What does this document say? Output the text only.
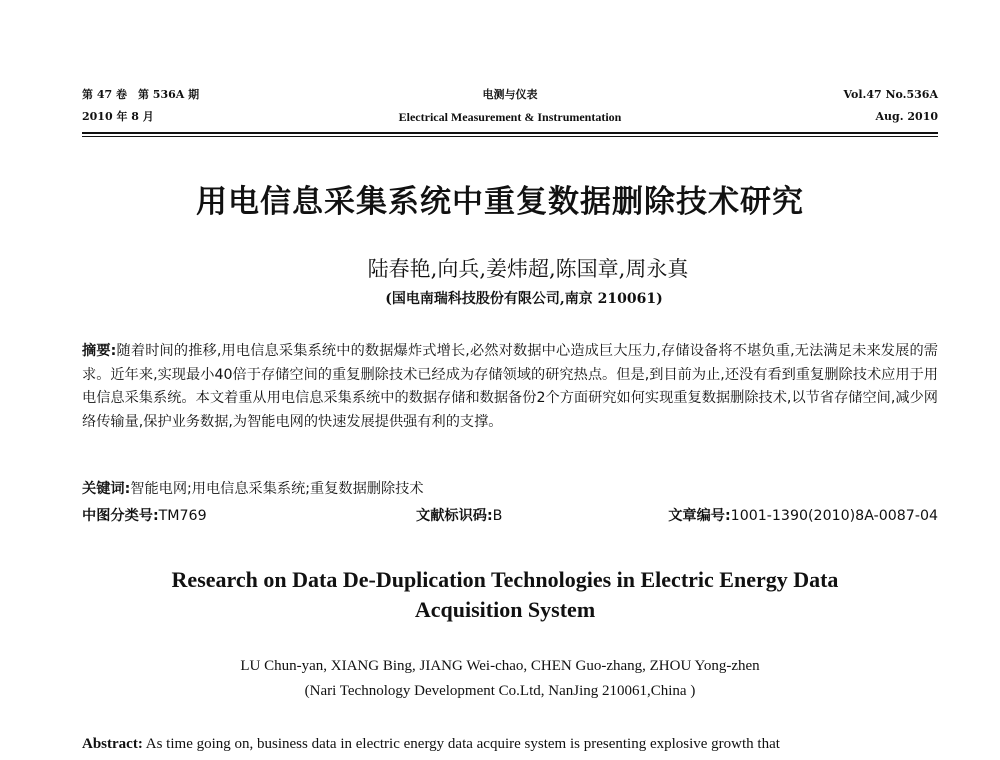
第 47 卷　第 536A 期	电测与仪表	Vol.47 No.536A
2010 年 8 月	Electrical Measurement & Instrumentation	Aug. 2010
用电信息采集系统中重复数据删除技术研究
陆春艳,向兵,姜炜超,陈国章,周永真
(国电南瑞科技股份有限公司,南京 210061)
摘要:随着时间的推移,用电信息采集系统中的数据爆炸式增长,必然对数据中心造成巨大压力,存储设备将不堪负重,无法满足未来发展的需求。近年来,实现最小40倍于存储空间的重复删除技术已经成为存储领域的研究热点。但是,到目前为止,还没有看到重复删除技术应用于用电信息采集系统。本文着重从用电信息采集系统中的数据存储和数据备份2个方面研究如何实现重复数据删除技术,以节省存储空间,减少网络传输量,保护业务数据,为智能电网的快速发展提供强有利的支撑。
关键词:智能电网;用电信息采集系统;重复数据删除技术
中图分类号:TM769	文献标识码:B	文章编号:1001-1390(2010)8A-0087-04
Research on Data De-Duplication Technologies in Electric Energy Data Acquisition System
LU Chun-yan, XIANG Bing, JIANG Wei-chao, CHEN Guo-zhang, ZHOU Yong-zhen
(Nari Technology Development Co.Ltd, NanJing 210061,China )
Abstract: As time going on, business data in electric energy data acquire system is presenting explosive growth that
